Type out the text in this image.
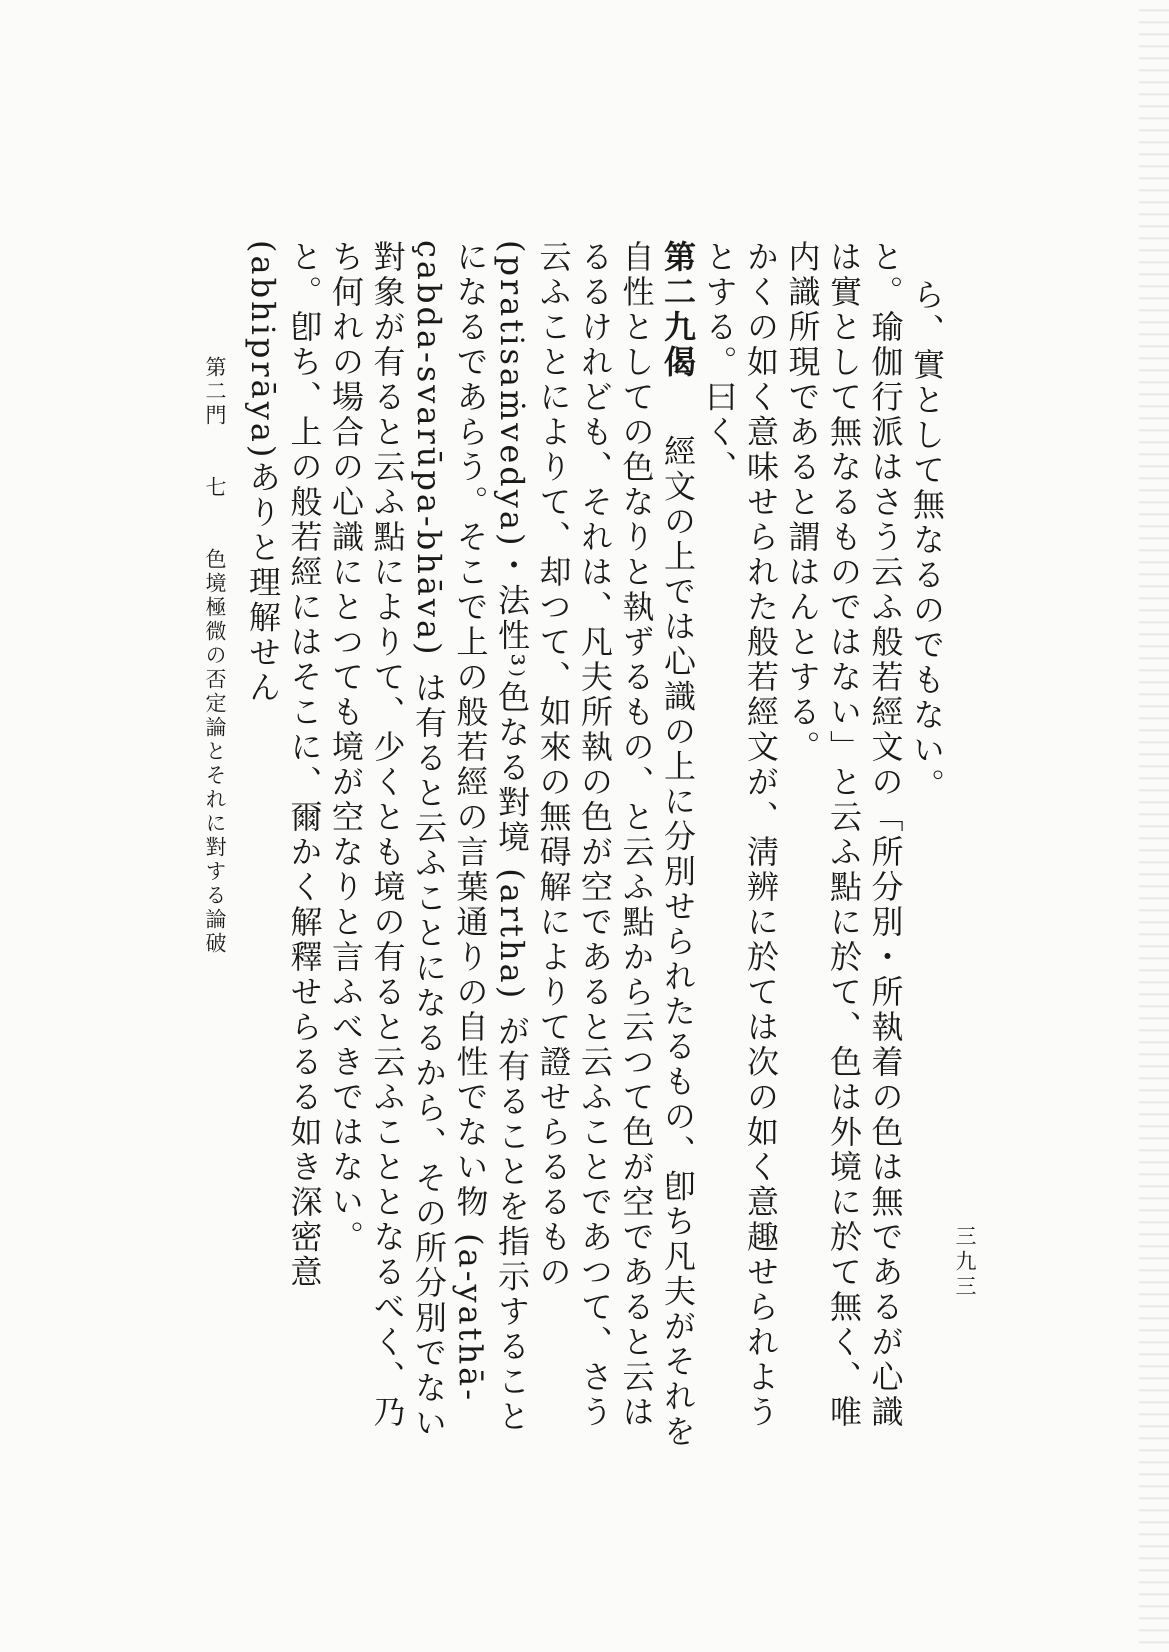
ら、實として無なるのでもない。

と。瑜伽行派はさう云ふ般若經文の「所分別・所執着の色は無であるが心識は實として無なるものではない」と云ふ點に於て、色は外境に於て無く、唯内識所現であると謂はんとする。

かくの如く意味せられた般若經文が、淸辨に於ては次の如く意趣せられようとする。曰く、

第二九偈　經文の上では心識の上に分別せられたるもの、卽ち凡夫がそれを自性としての色なりと執ずるもの、と云ふ點から云つて色が空であると云はるるけれども、それは、凡夫所執の色が空であると云ふことであつて、さう云ふことによりて、却つて、如來の無碍解によりて證せらるるもの (pratisaṁvedya)・法性³⁾色なる對境 (artha) が有ることを指示することになるであらう。そこで上の般若經の言葉通りの自性でない物 (a-yathā-çabda-svarūpa-bhāva) は有ると云ふことになるから、その所分別でない對象が有ると云ふ點によりて、少くとも境の有ると云ふこととなるべく、乃ち何れの場合の心識にとつても境が空なりと言ふべきではない。

と。卽ち、上の般若經にはそこに、爾かく解釋せらるる如き深密意(abhiprāya)ありと理解せん

第二門　七　色境極微の否定論とそれに對する論破
三九三
